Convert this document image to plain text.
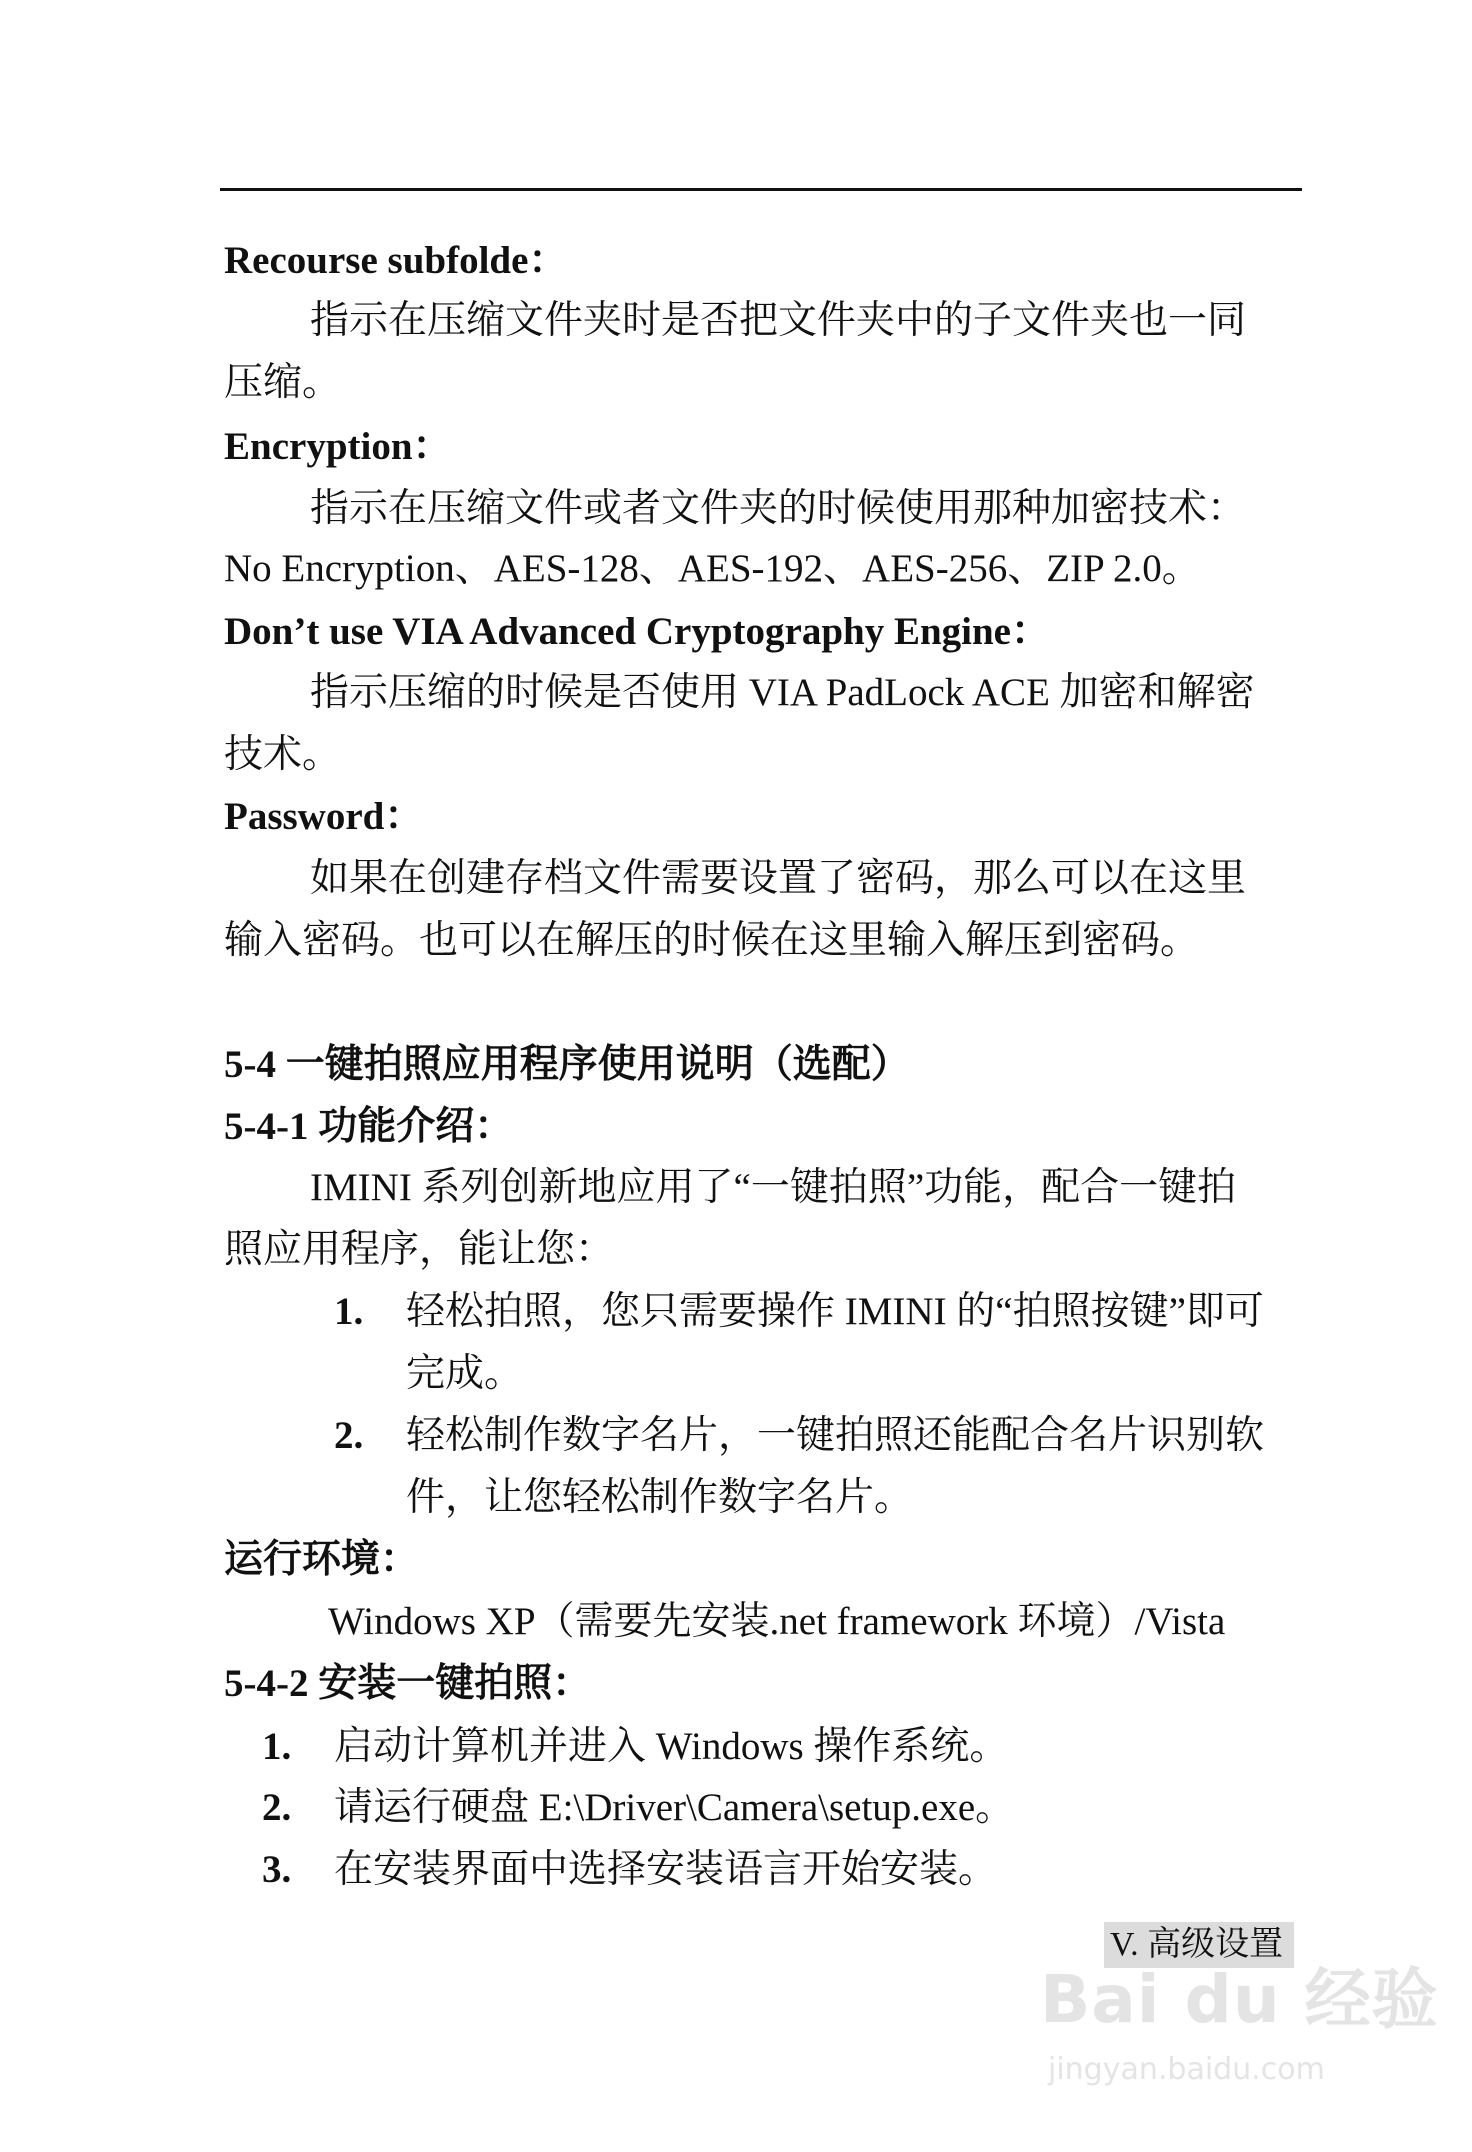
Recourse subfolde：
指示在压缩文件夹时是否把文件夹中的子文件夹也一同
压缩。
Encryption：
指示在压缩文件或者文件夹的时候使用那种加密技术：
No Encryption、AES-128、AES-192、AES-256、ZIP 2.0。
Don’t use VIA Advanced Cryptography Engine：
指示压缩的时候是否使用 VIA PadLock ACE 加密和解密
技术。
Password：
如果在创建存档文件需要设置了密码，那么可以在这里
输入密码。也可以在解压的时候在这里输入解压到密码。
5-4 一键拍照应用程序使用说明（选配）
5-4-1 功能介绍：
IMINI 系列创新地应用了“一键拍照”功能，配合一键拍
照应用程序，能让您：
1. 轻松拍照，您只需要操作 IMINI 的“拍照按键”即可
完成。
2. 轻松制作数字名片，一键拍照还能配合名片识别软
件，让您轻松制作数字名片。
运行环境：
Windows XP（需要先安装.net framework 环境）/Vista
5-4-2 安装一键拍照：
1. 启动计算机并进入 Windows 操作系统。
2. 请运行硬盘 E:\Driver\Camera\setup.exe。
3. 在安装界面中选择安装语言开始安装。
V. 高级设置
Bai du 经验
jingyan.baidu.com
